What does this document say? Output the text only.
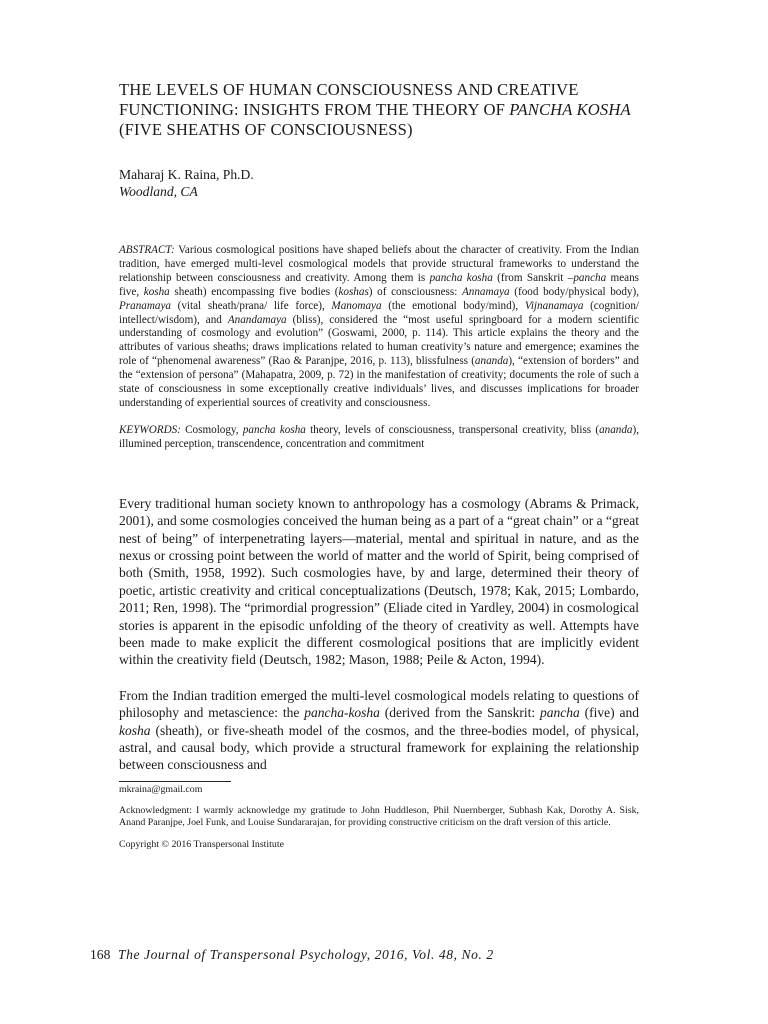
THE LEVELS OF HUMAN CONSCIOUSNESS AND CREATIVE FUNCTIONING: INSIGHTS FROM THE THEORY OF PANCHA KOSHA (FIVE SHEATHS OF CONSCIOUSNESS)
Maharaj K. Raina, Ph.D.
Woodland, CA
ABSTRACT: Various cosmological positions have shaped beliefs about the character of creativity. From the Indian tradition, have emerged multi-level cosmological models that provide structural frameworks to understand the relationship between consciousness and creativity. Among them is pancha kosha (from Sanskrit –pancha means five, kosha sheath) encompassing five bodies (koshas) of consciousness: Annamaya (food body/physical body), Pranamaya (vital sheath/prana/ life force), Manomaya (the emotional body/mind), Vijnanamaya (cognition/ intellect/wisdom), and Anandamaya (bliss), considered the “most useful springboard for a modern scientific understanding of cosmology and evolution” (Goswami, 2000, p. 114). This article explains the theory and the attributes of various sheaths; draws implications related to human creativity’s nature and emergence; examines the role of “phenomenal awareness” (Rao & Paranjpe, 2016, p. 113), blissfulness (ananda), “extension of borders” and the “extension of persona” (Mahapatra, 2009, p. 72) in the manifestation of creativity; documents the role of such a state of consciousness in some exceptionally creative individuals’ lives, and discusses implications for broader understanding of experiential sources of creativity and consciousness.
KEYWORDS: Cosmology, pancha kosha theory, levels of consciousness, transpersonal creativity, bliss (ananda), illumined perception, transcendence, concentration and commitment

Every traditional human society known to anthropology has a cosmology (Abrams & Primack, 2001), and some cosmologies conceived the human being as a part of a “great chain” or a “great nest of being” of interpenetrating layers—material, mental and spiritual in nature, and as the nexus or crossing point between the world of matter and the world of Spirit, being comprised of both (Smith, 1958, 1992). Such cosmologies have, by and large, determined their theory of poetic, artistic creativity and critical conceptualizations (Deutsch, 1978; Kak, 2015; Lombardo, 2011; Ren, 1998). The “primordial progression” (Eliade cited in Yardley, 2004) in cosmological stories is apparent in the episodic unfolding of the theory of creativity as well. Attempts have been made to make explicit the different cosmological positions that are implicitly evident within the creativity field (Deutsch, 1982; Mason, 1988; Peile & Acton, 1994).

From the Indian tradition emerged the multi-level cosmological models relating to questions of philosophy and metascience: the pancha-kosha (derived from the Sanskrit: pancha (five) and kosha (sheath), or five-sheath model of the cosmos, and the three-bodies model, of physical, astral, and causal body, which provide a structural framework for explaining the relationship between consciousness and

mkraina@gmail.com
Acknowledgment: I warmly acknowledge my gratitude to John Huddleson, Phil Nuernberger, Subhash Kak, Dorothy A. Sisk, Anand Paranjpe, Joel Funk, and Louise Sundararajan, for providing constructive criticism on the draft version of this article.
Copyright © 2016 Transpersonal Institute
168 The Journal of Transpersonal Psychology, 2016, Vol. 48, No. 2
